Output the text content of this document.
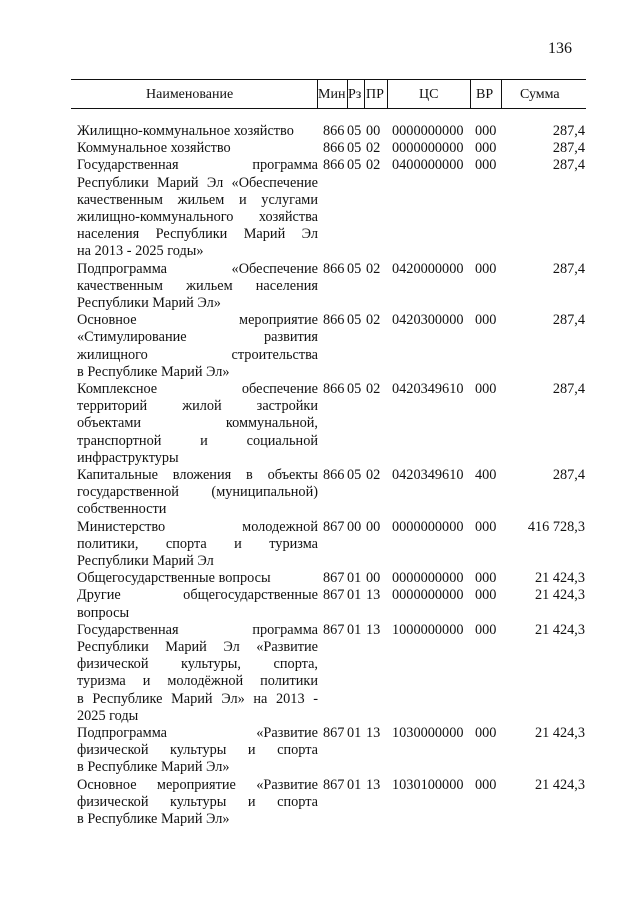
136
Наименование	Мин Рз ПР	ЦС	ВР Сумма
Жилищно-коммунальное хозяйство	866 05 00 0000000000 000	287,4
Коммунальное хозяйство	866 05 02 0000000000 000	287,4
Государственная программа
Республики Марий Эл «Обеспечение
качественным жильем и услугами
жилищно-коммунального хозяйства
населения Республики Марий Эл
на 2013 - 2025 годы»
866 05 02 0400000000 000	287,4
Подпрограмма «Обеспечение
качественным жильем населения
Республики Марий Эл»
866 05 02 0420000000 000	287,4
Основное мероприятие
«Стимулирование развития
жилищного строительства
в Республике Марий Эл»
866 05 02 0420300000 000	287,4
Комплексное обеспечение
территорий жилой застройки
объектами коммунальной,
транспортной и социальной
инфраструктуры
866 05 02 0420349610 000	287,4
Капитальные вложения в объекты
государственной (муниципальной)
собственности
866 05 02 0420349610 400	287,4
Министерство молодежной
политики, спорта и туризма
Республики Марий Эл
867 00 00 0000000000 000 416 728,3
Общегосударственные вопросы	867 01 00 0000000000 000	21 424,3
Другие общегосударственные
вопросы
867 01 13 0000000000 000	21 424,3
Государственная программа
Республики Марий Эл «Развитие
физической культуры, спорта,
туризма и молодёжной политики
в Республике Марий Эл» на 2013 -
2025 годы
867 01 13 1000000000 000	21 424,3
Подпрограмма «Развитие
физической культуры и спорта
в Республике Марий Эл»
867 01 13 1030000000 000	21 424,3
Основное мероприятие «Развитие
физической культуры и спорта
в Республике Марий Эл»
867 01 13 1030100000 000	21 424,3
